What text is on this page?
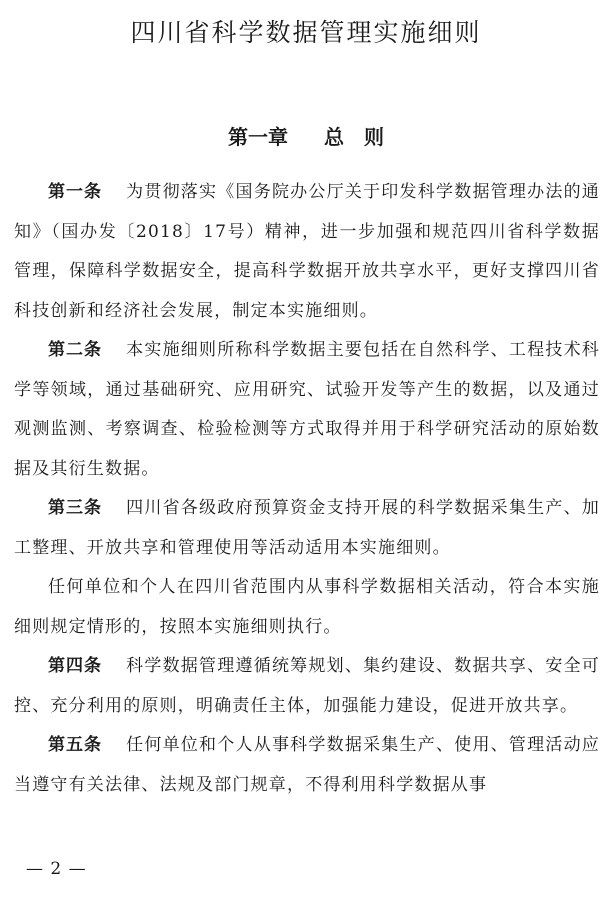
四川省科学数据管理实施细则
第一章 总　则

第一条 为贯彻落实《国务院办公厅关于印发科学数据管理办法的通知》（国办发〔2018〕17号）精神，进一步加强和规范四川省科学数据管理，保障科学数据安全，提高科学数据开放共享水平，更好支撑四川省科技创新和经济社会发展，制定本实施细则。

第二条 本实施细则所称科学数据主要包括在自然科学、工程技术科学等领域，通过基础研究、应用研究、试验开发等产生的数据，以及通过观测监测、考察调查、检验检测等方式取得并用于科学研究活动的原始数据及其衍生数据。

第三条 四川省各级政府预算资金支持开展的科学数据采集生产、加工整理、开放共享和管理使用等活动适用本实施细则。

任何单位和个人在四川省范围内从事科学数据相关活动，符合本实施细则规定情形的，按照本实施细则执行。

第四条 科学数据管理遵循统筹规划、集约建设、数据共享、安全可控、充分利用的原则，明确责任主体，加强能力建设，促进开放共享。

第五条 任何单位和个人从事科学数据采集生产、使用、管理活动应当遵守有关法律、法规及部门规章，不得利用科学数据从事

— 2 —
